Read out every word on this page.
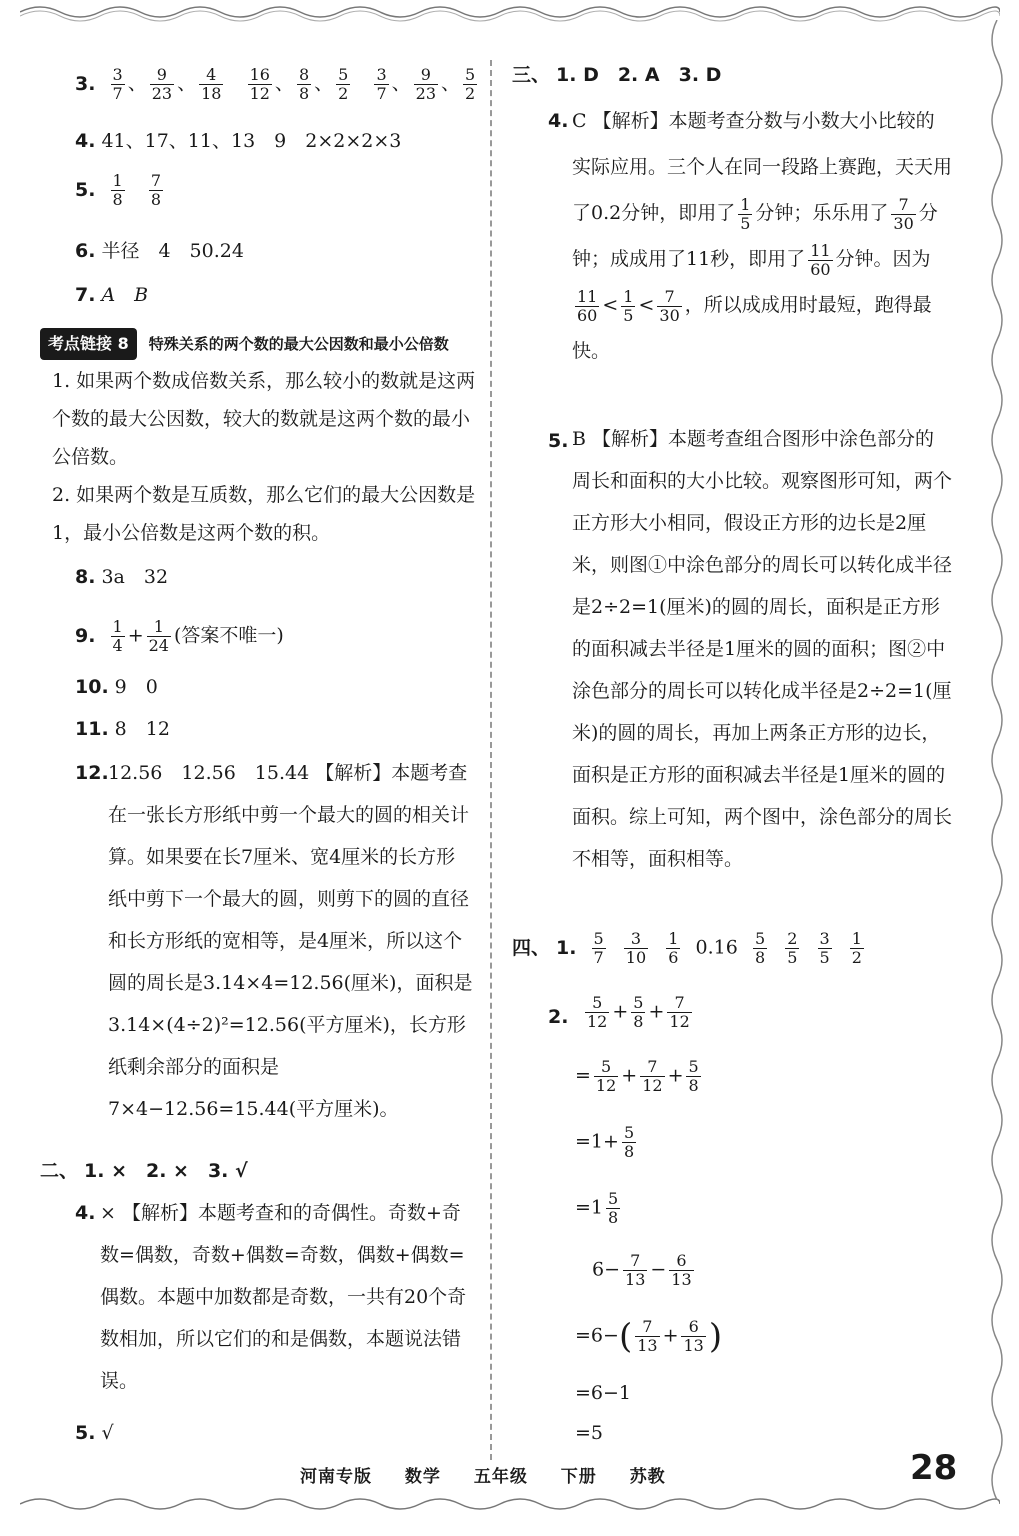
3. $\frac{3}{7}$ 、 $\frac{9}{23}$ 、 $\frac{4}{18}$
$\frac{16}{12}$ 、 $\frac{8}{8}$ 、 $\frac{5}{2}$
$\frac{3}{7}$ 、 $\frac{9}{23}$ 、 $\frac{5}{2}$
4. 41、17、11、13　9　2×2×2×3
5. $\frac{1}{8}$
$\frac{7}{8}$
6. 半径　4　50.24
7. A　B
考点链接 8 特殊关系的两个数的最大公因数和最小公倍数
1. 如果两个数成倍数关系，那么较小的数就是这两个数的最大公因数，较大的数就是这两个数的最小公倍数。
2. 如果两个数是互质数，那么它们的最大公因数是1，最小公倍数是这两个数的积。
8. 3a　32
9. $\frac{1}{4} + \frac{1}{24}$ (答案不唯一)
10. 9　0
11. 8　12
12. 12.56　12.56　15.44 【解析】本题考查在一张长方形纸中剪一个最大的圆的相关计算。如果要在长7厘米、宽4厘米的长方形纸中剪下一个最大的圆，则剪下的圆的直径和长方形纸的宽相等，是4厘米，所以这个圆的周长是3.14×4=12.56(厘米)，面积是3.14×(4÷2)²=12.56(平方厘米)，长方形纸剩余部分的面积是7×4−12.56=15.44(平方厘米)。
二、 1. ×　2. ×　3. √
4. × 【解析】本题考查和的奇偶性。奇数+奇数=偶数，奇数+偶数=奇数，偶数+偶数=偶数。本题中加数都是奇数，一共有20个奇数相加，所以它们的和是偶数，本题说法错误。
5. √
三、 1. D　2. A　3. D
4. C 【解析】本题考查分数与小数大小比较的实际应用。三个人在同一段路上赛跑，天天用了0.2分钟，即用了 $\frac{1}{5}$ 分钟；乐乐用了 $\frac{7}{30}$ 分钟；成成用了11秒，即用了 $\frac{11}{60}$ 分钟。因为
$\frac{11}{60} < \frac{1}{5} < \frac{7}{30}$ ，所以成成用时最短，跑得最快。
5. B 【解析】本题考查组合图形中涂色部分的周长和面积的大小比较。观察图形可知，两个正方形大小相同，假设正方形的边长是2厘米，则图①中涂色部分的周长可以转化成半径是2÷2=1(厘米)的圆的周长，面积是正方形的面积减去半径是1厘米的圆的面积；图②中涂色部分的周长可以转化成半径是2÷2=1(厘米)的圆的周长，再加上两条正方形的边长，面积是正方形的面积减去半径是1厘米的圆的面积。综上可知，两个图中，涂色部分的周长不相等，面积相等。
四、 1. $\frac{5}{7}$
$\frac{3}{10}$
$\frac{1}{6} 0.16 \frac{5}{8}$
$\frac{2}{5}$
$\frac{3}{5}$
$\frac{1}{2}$
2.	$\frac{5}{12} + \frac{5}{8} + \frac{7}{12}$
= $\frac{5}{12} + \frac{7}{12} + \frac{5}{8}$
$=1+ \frac{5}{8}$
$=1 \frac{5}{8}$
$6- \frac{7}{13} - \frac{6}{13}$
$=6-( \frac{7}{13} + \frac{6}{13}$ )
=6−1
=5
河南专版 数学 五年级 下册 苏教	28
